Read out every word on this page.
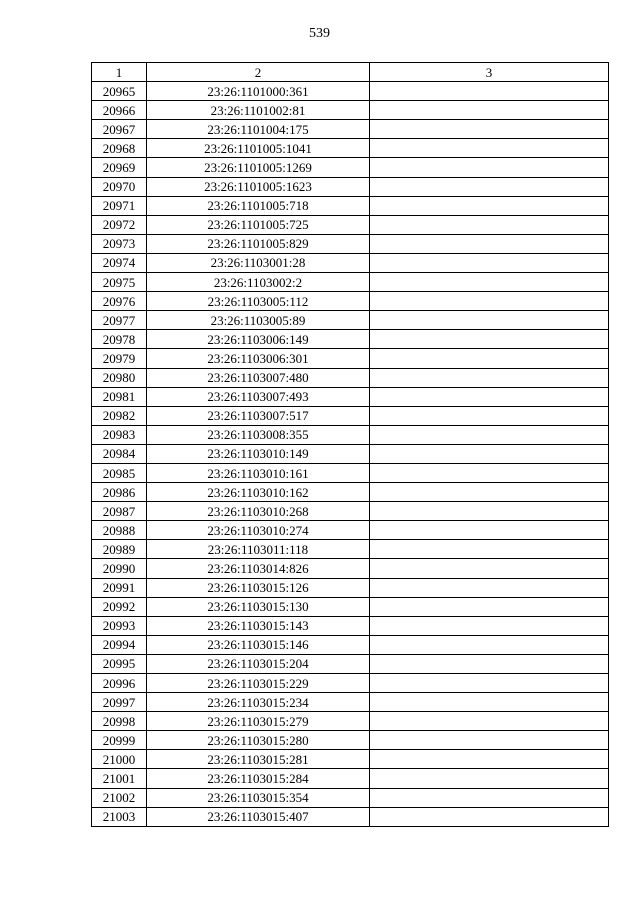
539
1	2	3
20965	23:26:1101000:361	
20966	23:26:1101002:81	
20967	23:26:1101004:175	
20968	23:26:1101005:1041	
20969	23:26:1101005:1269	
20970	23:26:1101005:1623	
20971	23:26:1101005:718	
20972	23:26:1101005:725	
20973	23:26:1101005:829	
20974	23:26:1103001:28	
20975	23:26:1103002:2	
20976	23:26:1103005:112	
20977	23:26:1103005:89	
20978	23:26:1103006:149	
20979	23:26:1103006:301	
20980	23:26:1103007:480	
20981	23:26:1103007:493	
20982	23:26:1103007:517	
20983	23:26:1103008:355	
20984	23:26:1103010:149	
20985	23:26:1103010:161	
20986	23:26:1103010:162	
20987	23:26:1103010:268	
20988	23:26:1103010:274	
20989	23:26:1103011:118	
20990	23:26:1103014:826	
20991	23:26:1103015:126	
20992	23:26:1103015:130	
20993	23:26:1103015:143	
20994	23:26:1103015:146	
20995	23:26:1103015:204	
20996	23:26:1103015:229	
20997	23:26:1103015:234	
20998	23:26:1103015:279	
20999	23:26:1103015:280	
21000	23:26:1103015:281	
21001	23:26:1103015:284	
21002	23:26:1103015:354	
21003	23:26:1103015:407	
